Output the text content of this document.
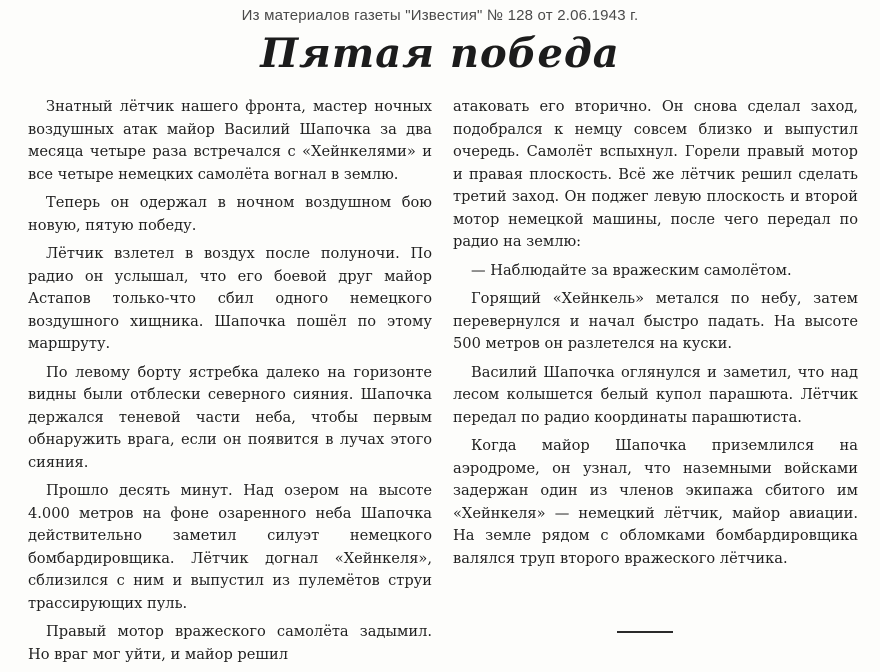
Из материалов газеты "Известия" № 128 от 2.06.1943 г.
Пятая победа

Знатный лётчик нашего фронта, мастер ночных воздушных атак майор Василий Шапочка за два месяца четыре раза встречался с «Хейнкелями» и все четыре немецких самолёта вогнал в землю.

Теперь он одержал в ночном воздушном бою новую, пятую победу.

Лётчик взлетел в воздух после полуночи. По радио он услышал, что его боевой друг майор Астапов только-что сбил одного немецкого воздушного хищника. Шапочка пошёл по этому маршруту.

По левому борту ястребка далеко на горизонте видны были отблески северного сияния. Шапочка держался теневой части неба, чтобы первым обнаружить врага, если он появится в лучах этого сияния.

Прошло десять минут. Над озером на высоте 4.000 метров на фоне озаренного неба Шапочка действительно заметил силуэт немецкого бомбардировщика. Лётчик догнал «Хейнкеля», сблизился с ним и выпустил из пулемётов струи трассирующих пуль.

Правый мотор вражеского самолёта задымил. Но враг мог уйти, и майор решил

атаковать его вторично. Он снова сделал заход, подобрался к немцу совсем близко и выпустил очередь. Самолёт вспыхнул. Горели правый мотор и правая плоскость. Всё же лётчик решил сделать третий заход. Он поджег левую плоскость и второй мотор немецкой машины, после чего передал по радио на землю:

— Наблюдайте за вражеским самолётом.

Горящий «Хейнкель» метался по небу, затем перевернулся и начал быстро падать. На высоте 500 метров он разлетелся на куски.

Василий Шапочка оглянулся и заметил, что над лесом колышется белый купол парашюта. Лётчик передал по радио координаты парашютиста.

Когда майор Шапочка приземлился на аэродроме, он узнал, что наземными войсками задержан один из членов экипажа сбитого им «Хейнкеля» — немецкий лётчик, майор авиации. На земле рядом с обломками бомбардировщика валялся труп второго вражеского лётчика.
